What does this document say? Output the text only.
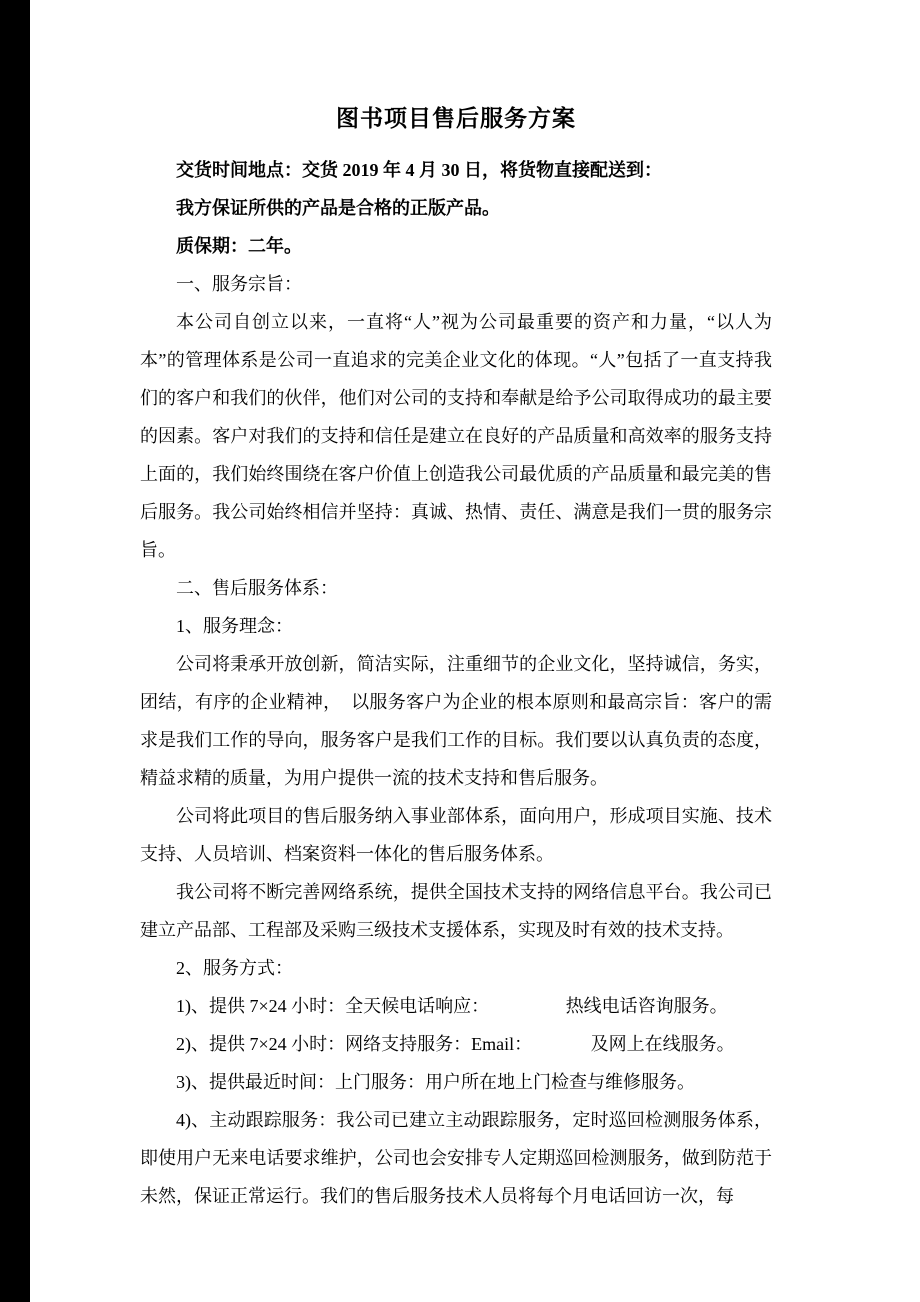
图书项目售后服务方案

交货时间地点：交货 2019 年 4 月 30 日，将货物直接配送到：

我方保证所供的产品是合格的正版产品。

质保期：二年。

一、服务宗旨：

本公司自创立以来，一直将“人”视为公司最重要的资产和力量，“以人为本”的管理体系是公司一直追求的完美企业文化的体现。“人”包括了一直支持我们的客户和我们的伙伴，他们对公司的支持和奉献是给予公司取得成功的最主要的因素。客户对我们的支持和信任是建立在良好的产品质量和高效率的服务支持上面的，我们始终围绕在客户价值上创造我公司最优质的产品质量和最完美的售后服务。我公司始终相信并坚持：真诚、热情、责任、满意是我们一贯的服务宗旨。

二、售后服务体系：

1、服务理念：

公司将秉承开放创新，简洁实际，注重细节的企业文化，坚持诚信，务实，团结，有序的企业精神，  以服务客户为企业的根本原则和最高宗旨：客户的需求是我们工作的导向，服务客户是我们工作的目标。我们要以认真负责的态度，精益求精的质量，为用户提供一流的技术支持和售后服务。

公司将此项目的售后服务纳入事业部体系，面向用户，形成项目实施、技术支持、人员培训、档案资料一体化的售后服务体系。

我公司将不断完善网络系统，提供全国技术支持的网络信息平台。我公司已建立产品部、工程部及采购三级技术支援体系，实现及时有效的技术支持。

2、服务方式：

1)、提供 7×24 小时：全天候电话响应：                 热线电话咨询服务。

2)、提供 7×24 小时：网络支持服务：Email：             及网上在线服务。

3)、提供最近时间：上门服务：用户所在地上门检查与维修服务。

4)、主动跟踪服务：我公司已建立主动跟踪服务，定时巡回检测服务体系，即使用户无来电话要求维护，公司也会安排专人定期巡回检测服务，做到防范于未然，保证正常运行。我们的售后服务技术人员将每个月电话回访一次，每
